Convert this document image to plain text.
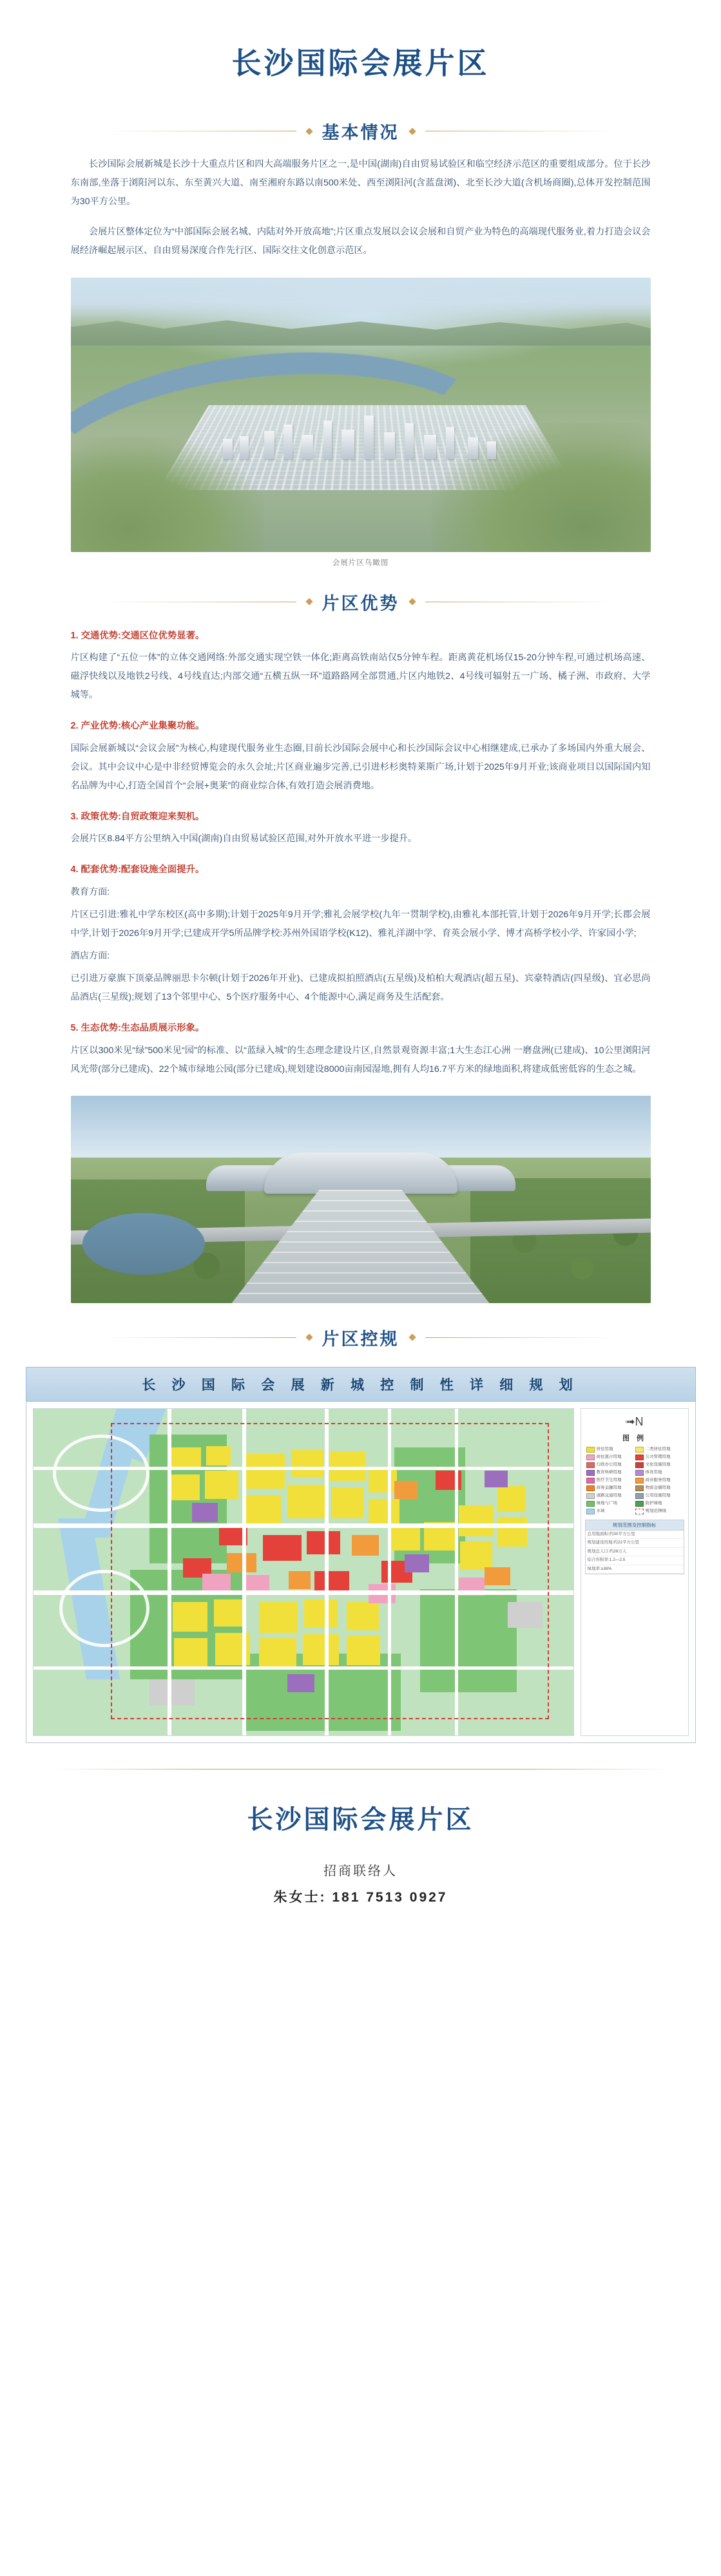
长沙国际会展片区
基本情况

长沙国际会展新城是长沙十大重点片区和四大高端服务片区之一,是中国(湖南)自由贸易试验区和临空经济示范区的重要组成部分。位于长沙东南部,坐落于浏阳河以东、东至黄兴大道、南至湘府东路以南500米处、西至浏阳河(含蓝盘浏)、北至长沙大道(含机场商圈),总体开发控制范围为30平方公里。

会展片区整体定位为“中部国际会展名城、内陆对外开放高地”;片区重点发展以会议会展和自贸产业为特色的高端现代服务业,着力打造会议会展经济崛起展示区、自由贸易深度合作先行区、国际交往文化创意示范区。

会展片区鸟瞰图
片区优势
1. 交通优势:交通区位优势显著。
片区构建了“五位一体”的立体交通网络:外部交通实现空铁一体化;距离高铁南站仅5分钟车程。距离黄花机场仅15-20分钟车程,可通过机场高速、磁浮快线以及地铁2号线、4号线直达;内部交通“五横五纵一环”道路路网全部贯通,片区内地铁2、4号线可辐射五一广场、橘子洲、市政府、大学城等。
2. 产业优势:核心产业集聚功能。
国际会展新城以“会议会展”为核心,构建现代服务业生态圈,目前长沙国际会展中心和长沙国际会议中心相继建成,已承办了多场国内外重大展会、会议。其中会议中心是中非经贸博览会的永久会址;片区商业遍步完善,已引进杉杉奥特莱斯广场,计划于2025年9月开业;该商业项目以国际国内知名品牌为中心,打造全国首个“会展+奥莱”的商业综合体,有效打造会展消费地。
3. 政策优势:自贸政策迎来契机。
会展片区8.84平方公里纳入中国(湖南)自由贸易试验区范围,对外开放水平进一步提升。
4. 配套优势:配套设施全面提升。
教育方面:
片区已引进:雅礼中学东校区(高中多期);计划于2025年9月开学;雅礼会展学校(九年一贯制学校),由雅礼本部托管,计划于2026年9月开学;长郡会展中学,计划于2026年9月开学;已建成开学5所品牌学校:苏州外国语学校(K12)、雅礼洋湖中学、育英会展小学、博才高桥学校小学、许家园小学;
酒店方面:
已引进万豪旗下顶豪品牌丽思卡尔顿(计划于2026年开业)、已建成拟拍照酒店(五星级)及柏柏大观酒店(超五星)、宾豪特酒店(四星级)、宜必思尚品酒店(三星级);规划了13个邻里中心、5个医疗服务中心、4个能源中心,满足商务及生活配套。
5. 生态优势:生态品质展示形象。
片区以300米见“绿”500米见“园”的标准、以“蓝绿入城”的生态理念建设片区,自然景观资源丰富;1大生态江心洲 一磨盘洲(已建成)、10公里浏阳河风光带(部分已建成)、22个城市绿地公园(部分已建成),规划建设8000亩南园湿地,拥有人均16.7平方米的绿地面积,将建成低密低容的生态之城。
片区控规
长 沙 国 际 会 展 新 城 控 制 性 详 细 规 划
➟N
图 例
居住用地	二类居住用地
商住混合用地	公共管理用地
行政办公用地	文化设施用地
教育科研用地	体育用地
医疗卫生用地	商业服务用地
商务金融用地	物流仓储用地
道路交通用地	公用设施用地
绿地与广场	防护绿地
水域	规划范围线
规划范围及控制指标
总用地面积:约30平方公里
规划建设用地:约22平方公里
规划总人口:约28万人
综合容积率:1.2—2.5
绿地率:≥38%
长沙国际会展片区
招商联络人
朱女士: 181 7513 0927
